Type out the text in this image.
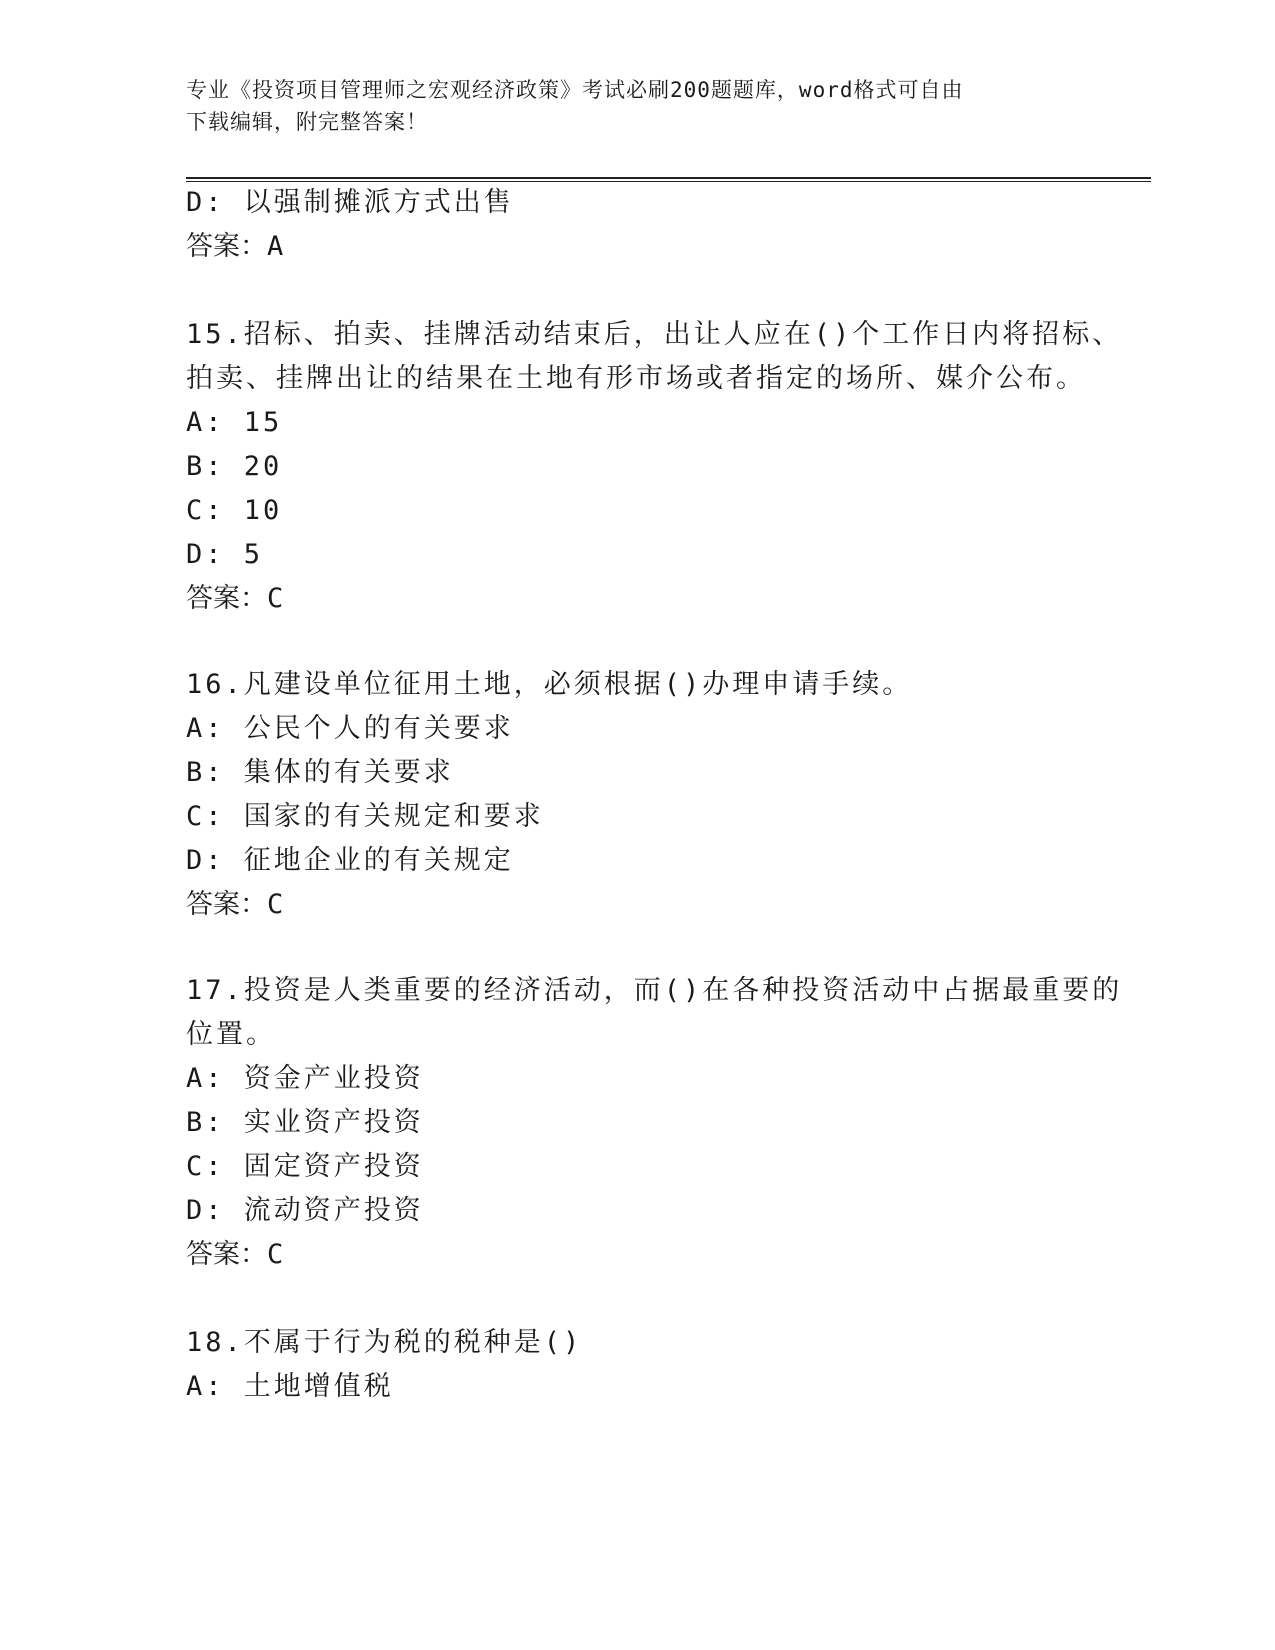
专业《投资项目管理师之宏观经济政策》考试必刷200题题库，word格式可自由
下载编辑，附完整答案！
D: 以强制摊派方式出售
答案：A
15.招标、拍卖、挂牌活动结束后，出让人应在()个工作日内将招标、
拍卖、挂牌出让的结果在土地有形市场或者指定的场所、媒介公布。
A: 15
B: 20
C: 10
D: 5
答案：C
16.凡建设单位征用土地，必须根据()办理申请手续。
A: 公民个人的有关要求
B: 集体的有关要求
C: 国家的有关规定和要求
D: 征地企业的有关规定
答案：C
17.投资是人类重要的经济活动，而()在各种投资活动中占据最重要的
位置。
A: 资金产业投资
B: 实业资产投资
C: 固定资产投资
D: 流动资产投资
答案：C
18.不属于行为税的税种是()
A: 土地增值税
